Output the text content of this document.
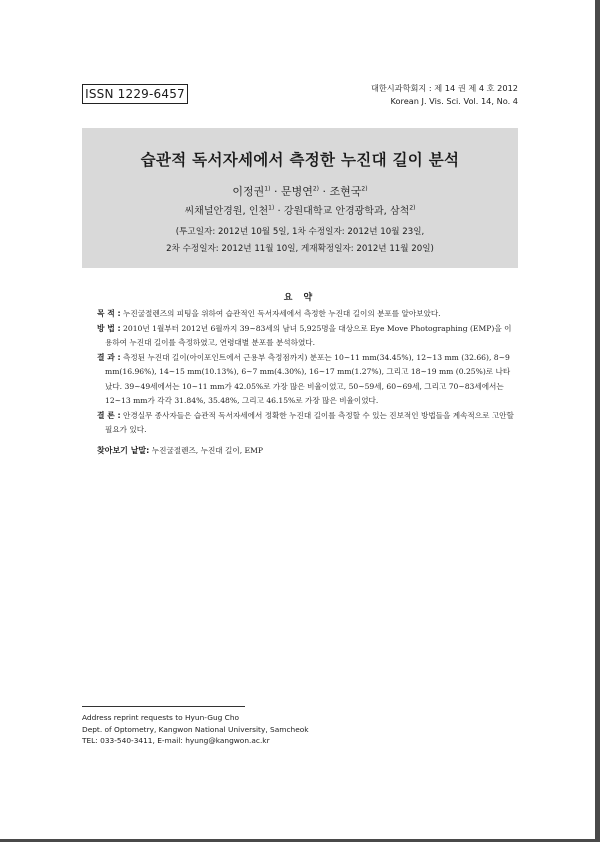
ISSN 1229-6457	대한시과학회지 : 제 14 권 제 4 호 2012
Korean J. Vis. Sci. Vol. 14, No. 4
습관적 독서자세에서 측정한 누진대 길이 분석
이정권$^{1)}$ · 문병연$^{2)}$ · 조현국$^{2)}$
씨채널안경원, 인천$^{1)}$ · 강원대학교 안경광학과, 삼척$^{2)}$
(투고일자: 2012년 10월 5일, 1차 수정일자: 2012년 10월 23일,
2차 수정일자: 2012년 11월 10일, 게재확정일자: 2012년 11월 20일)
요 약

목 적 : 누진굴절렌즈의 피팅을 위하여 습관적인 독서자세에서 측정한 누진대 길이의 분포를 알아보았다.

방 법 : 2010년 1월부터 2012년 6월까지 39~83세의 남녀 5,925명을 대상으로 Eye Move Photographing (EMP)을 이용하여 누진대 길이를 측정하였고, 연령대별 분포를 분석하였다.

결 과 : 측정된 누진대 길이(아이포인트에서 근용부 측정점까지) 분포는 10~11 mm(34.45%), 12~13 mm (32.66), 8~9 mm(16.96%), 14~15 mm(10.13%), 6~7 mm(4.30%), 16~17 mm(1.27%), 그리고 18~19 mm (0.25%)로 나타났다. 39~49세에서는 10~11 mm가 42.05%로 가장 많은 비율이었고, 50~59세, 60~69세, 그리고 70~83세에서는 12~13 mm가 각각 31.84%, 35.48%, 그리고 46.15%로 가장 많은 비율이었다.

결 론 : 안경실무 종사자들은 습관적 독서자세에서 정확한 누진대 길이를 측정할 수 있는 진보적인 방법들을 계속적으로 고안할 필요가 있다.

찾아보기 낱말: 누진굴절렌즈, 누진대 길이, EMP
Address reprint requests to Hyun-Gug Cho
Dept. of Optometry, Kangwon National University, Samcheok
TEL: 033-540-3411, E-mail: hyung@kangwon.ac.kr
